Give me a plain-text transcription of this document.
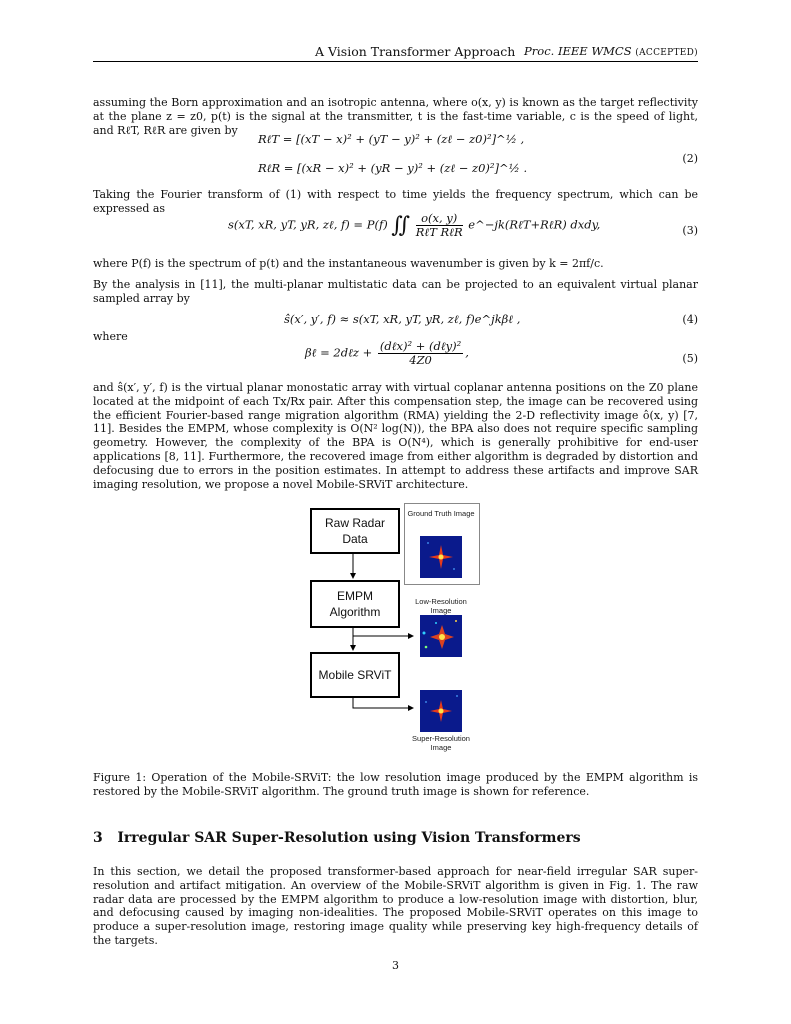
A Vision Transformer Approach Proc. IEEE WMCS (ACCEPTED)

assuming the Born approximation and an isotropic antenna, where o(x, y) is known as the target reflectivity at the plane z = z0, p(t) is the signal at the transmitter, t is the fast-time variable, c is the speed of light, and RℓT, RℓR are given by

RℓT = [(xT − x)² + (yT − y)² + (zℓ − z0)²]^½ ,
RℓR = [(xR − x)² + (yR − y)² + (zℓ − z0)²]^½ .
(2)

Taking the Fourier transform of (1) with respect to time yields the frequency spectrum, which can be expressed as

s(xT, xR, yT, yR, zℓ, f) = P(f) ∬ $\frac{o(x, y)}{\text{RℓT RℓR}}$ e^−jk(RℓT+RℓR) dxdy,	(3)

where P(f) is the spectrum of p(t) and the instantaneous wavenumber is given by k = 2πf/c.

By the analysis in [11], the multi-planar multistatic data can be projected to an equivalent virtual planar sampled array by

ŝ(x′, y′, f) ≈ s(xT, xR, yT, yR, zℓ, f)e^jkβℓ ,	(4)

where

βℓ = 2dℓz + $\frac{\text{(dℓx)² + (dℓy)²}}{4Z0}$ ,	(5)

and ŝ(x′, y′, f) is the virtual planar monostatic array with virtual coplanar antenna positions on the Z0 plane located at the midpoint of each Tx/Rx pair. After this compensation step, the image can be recovered using the efficient Fourier-based range migration algorithm (RMA) yielding the 2-D reflectivity image ô(x, y) [7, 11]. Besides the EMPM, whose complexity is O(N² log(N)), the BPA also does not require specific sampling geometry. However, the complexity of the BPA is O(N⁴), which is generally prohibitive for end-user applications [8, 11]. Furthermore, the recovered image from either algorithm is degraded by distortion and defocusing due to errors in the position estimates. In attempt to address these artifacts and improve SAR imaging resolution, we propose a novel Mobile-SRViT architecture.

Raw Radar Data
EMPM Algorithm
Mobile SRViT
Ground Truth Image
Low-Resolution Image
Super-Resolution Image

Figure 1: Operation of the Mobile-SRViT: the low resolution image produced by the EMPM algorithm is restored by the Mobile-SRViT algorithm. The ground truth image is shown for reference.

3 Irregular SAR Super-Resolution using Vision Transformers

In this section, we detail the proposed transformer-based approach for near-field irregular SAR super-resolution and artifact mitigation. An overview of the Mobile-SRViT algorithm is given in Fig. 1. The raw radar data are processed by the EMPM algorithm to produce a low-resolution image with distortion, blur, and defocusing caused by imaging non-idealities. The proposed Mobile-SRViT operates on this image to produce a super-resolution image, restoring image quality while preserving key high-frequency details of the targets.

3
